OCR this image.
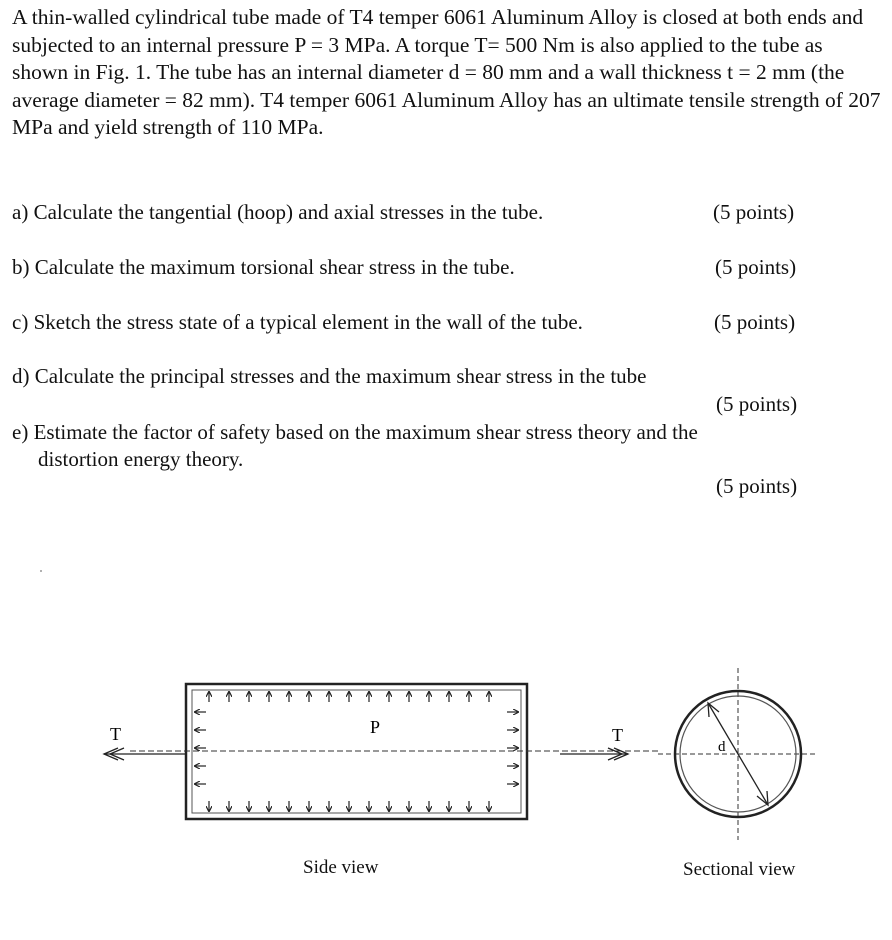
A thin-walled cylindrical tube made of T4 temper 6061 Aluminum Alloy is closed at both ends and subjected to an internal pressure P = 3 MPa. A torque T= 500 Nm is also applied to the tube as shown in Fig. 1. The tube has an internal diameter d = 80 mm and a wall thickness t = 2 mm (the average diameter = 82 mm). T4 temper 6061 Aluminum Alloy has an ultimate tensile strength of 207 MPa and yield strength of 110 MPa.

a) Calculate the tangential (hoop) and axial stresses in the tube.	(5 points)
b) Calculate the maximum torsional shear stress in the tube.	(5 points)
c) Sketch the stress state of a typical element in the wall of the tube.	(5 points)
d) Calculate the principal stresses and the maximum shear stress in the tube
(5 points)
e) Estimate the factor of safety based on the maximum shear stress theory and the
distortion energy theory.
(5 points)
T	T
P
d
Side view	Sectional view
